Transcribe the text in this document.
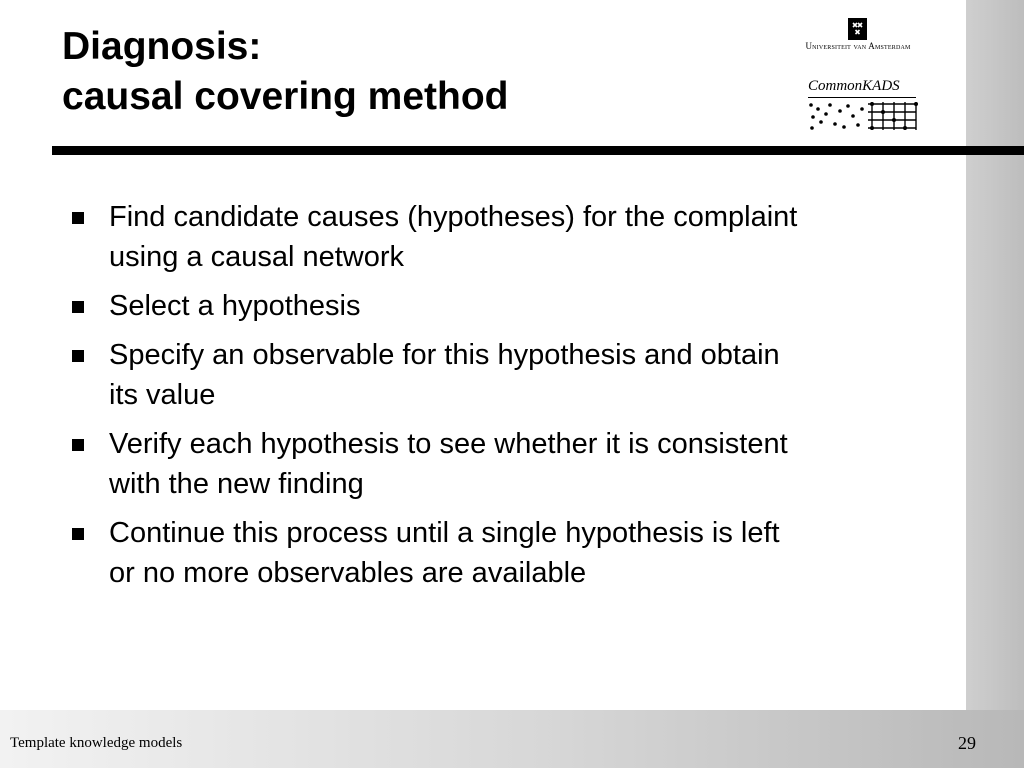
Diagnosis:
causal covering method
Universiteit van Amsterdam
CommonKADS
Find candidate causes (hypotheses) for the complaint
using a causal network
Select a hypothesis
Specify an observable for this hypothesis and obtain
its value
Verify each hypothesis to see whether it is consistent
with the new finding
Continue this process until a single hypothesis is left
or no more observables are available
Template knowledge models	29
